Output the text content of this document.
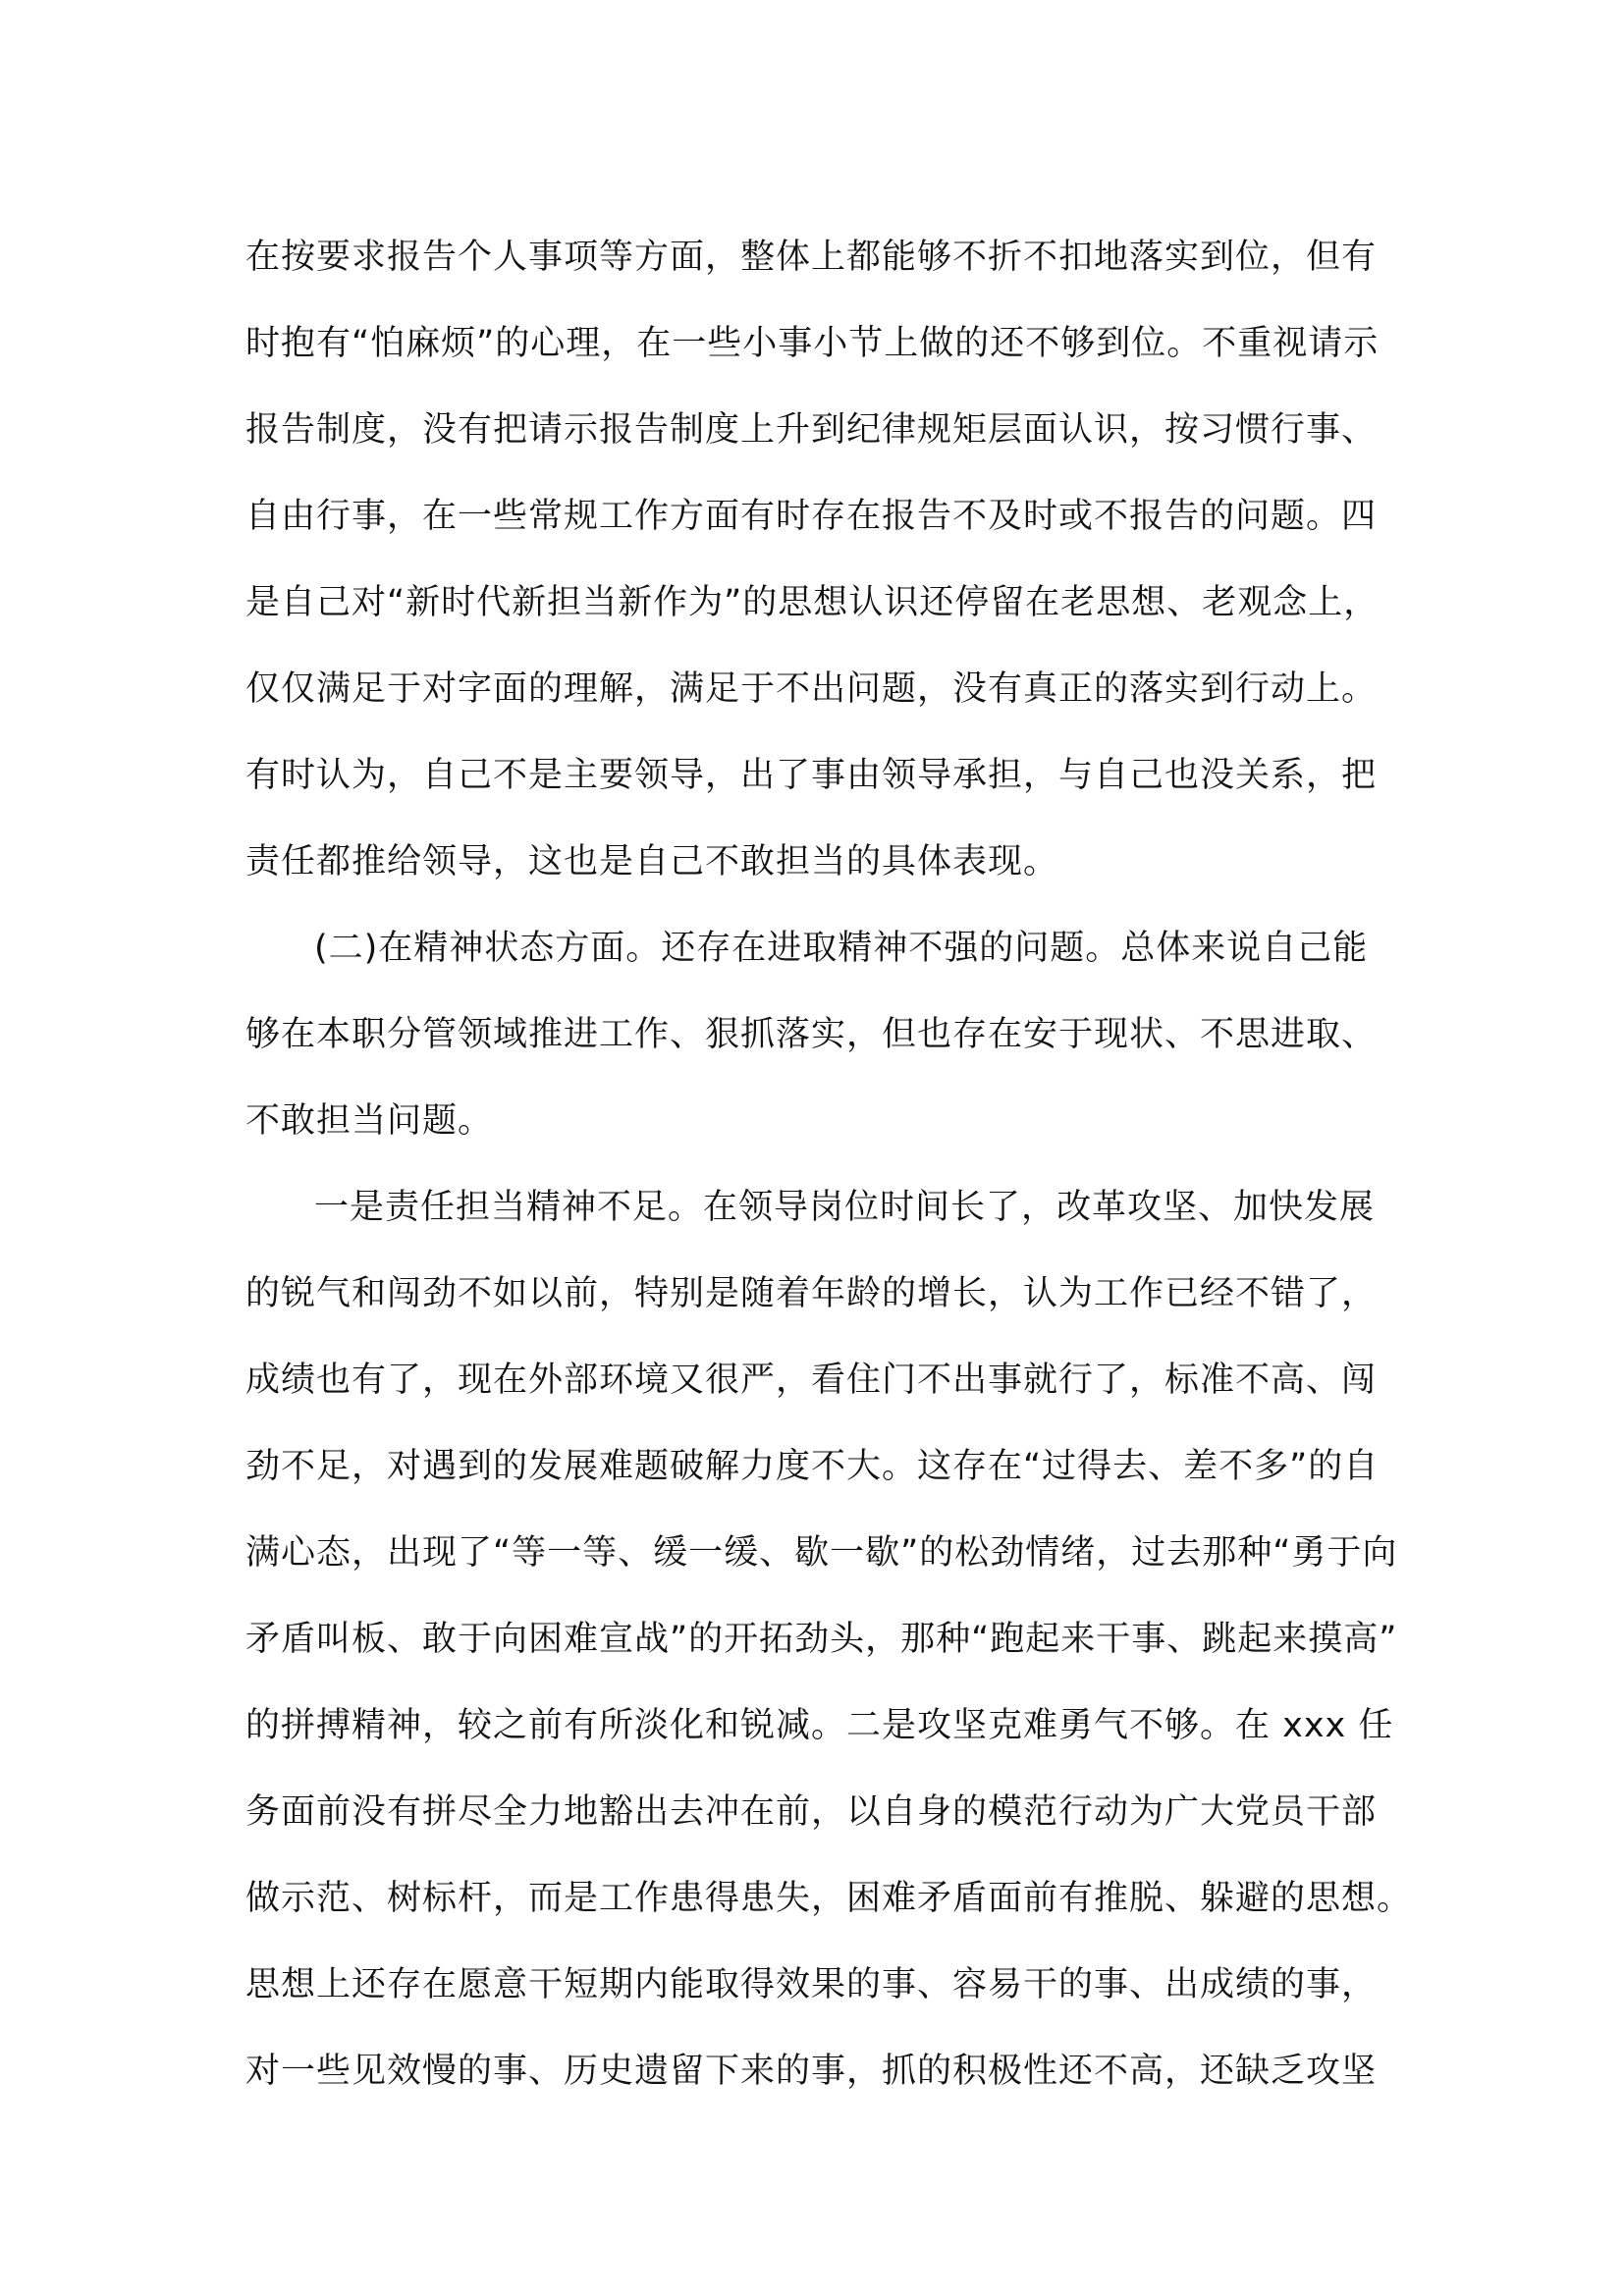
在按要求报告个人事项等方面，整体上都能够不折不扣地落实到位，但有
时抱有“怕麻烦”的心理，在一些小事小节上做的还不够到位。不重视请示
报告制度，没有把请示报告制度上升到纪律规矩层面认识，按习惯行事、
自由行事，在一些常规工作方面有时存在报告不及时或不报告的问题。四
是自己对“新时代新担当新作为”的思想认识还停留在老思想、老观念上，
仅仅满足于对字面的理解，满足于不出问题，没有真正的落实到行动上。
有时认为，自己不是主要领导，出了事由领导承担，与自己也没关系，把
责任都推给领导，这也是自己不敢担当的具体表现。
(二)在精神状态方面。还存在进取精神不强的问题。总体来说自己能
够在本职分管领域推进工作、狠抓落实，但也存在安于现状、不思进取、
不敢担当问题。
一是责任担当精神不足。在领导岗位时间长了，改革攻坚、加快发展
的锐气和闯劲不如以前，特别是随着年龄的增长，认为工作已经不错了，
成绩也有了，现在外部环境又很严，看住门不出事就行了，标准不高、闯
劲不足，对遇到的发展难题破解力度不大。这存在“过得去、差不多”的自
满心态，出现了“等一等、缓一缓、歇一歇”的松劲情绪，过去那种“勇于向
矛盾叫板、敢于向困难宣战”的开拓劲头，那种“跑起来干事、跳起来摸高”
的拼搏精神，较之前有所淡化和锐减。二是攻坚克难勇气不够。在 xxx 任
务面前没有拼尽全力地豁出去冲在前，以自身的模范行动为广大党员干部
做示范、树标杆，而是工作患得患失，困难矛盾面前有推脱、躲避的思想。
思想上还存在愿意干短期内能取得效果的事、容易干的事、出成绩的事，
对一些见效慢的事、历史遗留下来的事，抓的积极性还不高，还缺乏攻坚
